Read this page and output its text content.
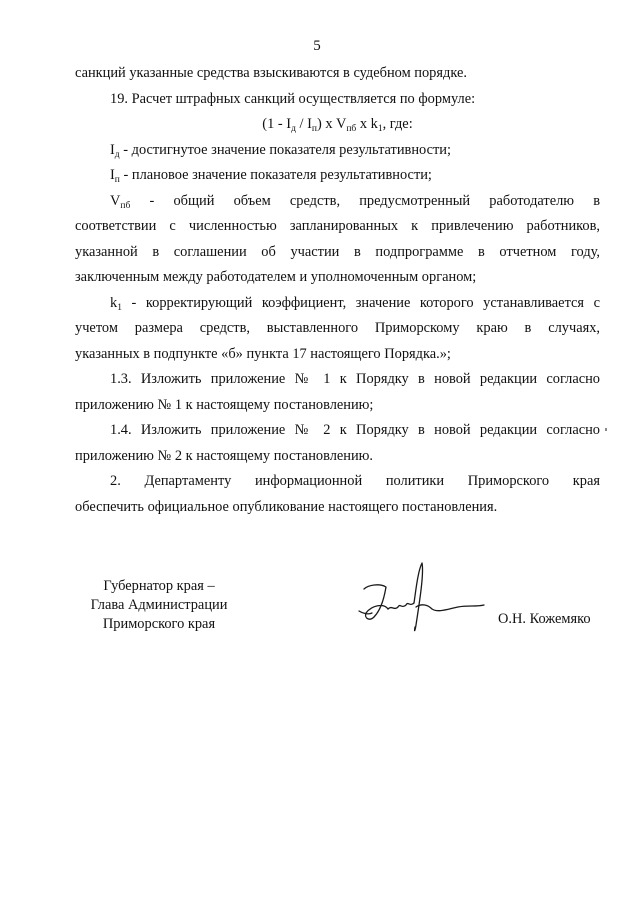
5
санкций указанные средства взыскиваются в судебном порядке.
19. Расчет штрафных санкций осуществляется по формуле:
$(1 - I_д / I_п)$ x $V_{пб}$ x $k_1$, где:
$I_д$ - достигнутое значение показателя результативности;
$I_п$ - плановое значение показателя результативности;
$V_{пб}$ - общий объем средств, предусмотренный работодателю в
соответствии с численностью запланированных к привлечению работников,
указанной в соглашении об участии в подпрограмме в отчетном году,
заключенным между работодателем и уполномоченным органом;
$k_1$ - корректирующий коэффициент, значение которого устанавливается с
учетом размера средств, выставленного Приморскому краю в случаях,
указанных в подпункте «б» пункта 17 настоящего Порядка.»;
1.3. Изложить приложение № 1 к Порядку в новой редакции согласно
приложению № 1 к настоящему постановлению;
1.4. Изложить приложение № 2 к Порядку в новой редакции согласно
приложению № 2 к настоящему постановлению.
2. Департаменту информационной политики Приморского края
обеспечить официальное опубликование настоящего постановления.
Губернатор края –
Глава Администрации
Приморского края	О.Н. Кожемяко
